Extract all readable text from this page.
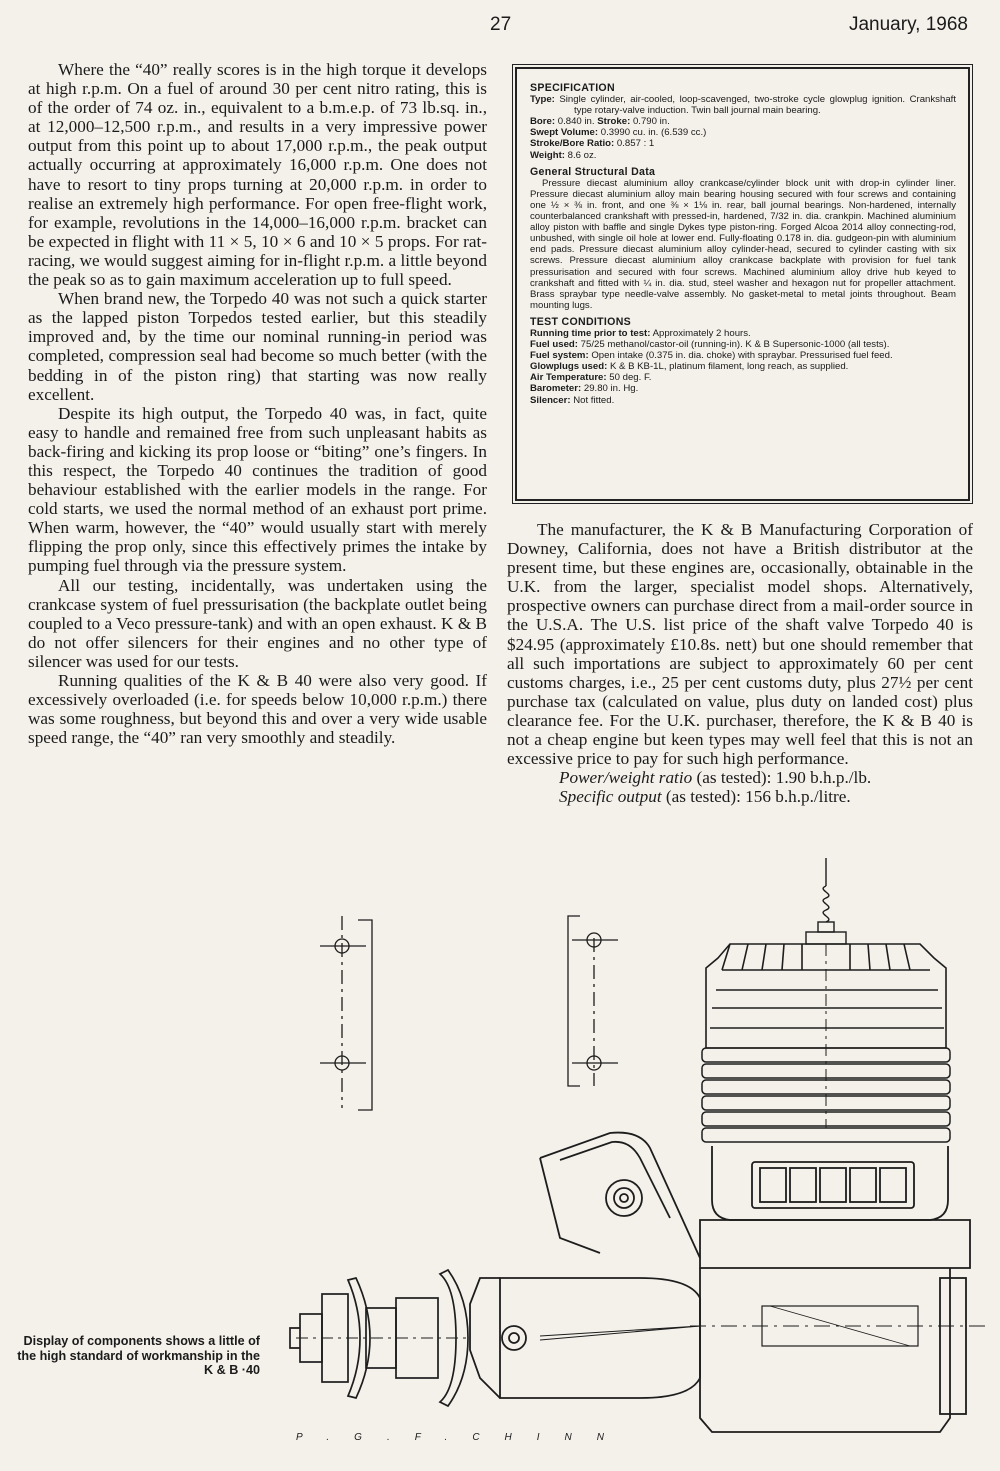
27	January, 1968

Where the “40” really scores is in the high torque it develops at high r.p.m. On a fuel of around 30 per cent nitro rating, this is of the order of 74 oz. in., equivalent to a b.m.e.p. of 73 lb.sq. in., at 12,000–12,500 r.p.m., and results in a very impressive power output from this point up to about 17,000 r.p.m., the peak output actually occurring at approximately 16,000 r.p.m. One does not have to resort to tiny props turning at 20,000 r.p.m. in order to realise an extremely high performance. For open free-flight work, for example, revolutions in the 14,000–16,000 r.p.m. bracket can be expected in flight with 11 × 5, 10 × 6 and 10 × 5 props. For rat-racing, we would suggest aiming for in-flight r.p.m. a little beyond the peak so as to gain maximum acceleration up to full speed.

When brand new, the Torpedo 40 was not such a quick starter as the lapped piston Torpedos tested earlier, but this steadily improved and, by the time our nominal running-in period was completed, compression seal had become so much better (with the bedding in of the piston ring) that starting was now really excellent.

Despite its high output, the Torpedo 40 was, in fact, quite easy to handle and remained free from such unpleasant habits as back-firing and kicking its prop loose or “biting” one’s fingers. In this respect, the Torpedo 40 continues the tradition of good behaviour established with the earlier models in the range. For cold starts, we used the normal method of an exhaust port prime. When warm, however, the “40” would usually start with merely flipping the prop only, since this effectively primes the intake by pumping fuel through via the pressure system.

All our testing, incidentally, was undertaken using the crankcase system of fuel pressurisation (the backplate outlet being coupled to a Veco pressure-tank) and with an open exhaust. K & B do not offer silencers for their engines and no other type of silencer was used for our tests.

Running qualities of the K & B 40 were also very good. If excessively overloaded (i.e. for speeds below 10,000 r.p.m.) there was some roughness, but beyond this and over a very wide usable speed range, the “40” ran very smoothly and steadily.

SPECIFICATION
Type: Single cylinder, air-cooled, loop-scavenged, two-stroke cycle glowplug ignition. Crankshaft type rotary-valve induction. Twin ball journal main bearing.
Bore: 0.840 in. Stroke: 0.790 in.
Swept Volume: 0.3990 cu. in. (6.539 cc.)
Stroke/Bore Ratio: 0.857 : 1
Weight: 8.6 oz.
General Structural Data

Pressure diecast aluminium alloy crankcase/cylinder block unit with drop-in cylinder liner. Pressure diecast aluminium alloy main bearing housing secured with four screws and containing one ½ × ⅜ in. front, and one ⅜ × 1⅛ in. rear, ball journal bearings. Non-hardened, internally counterbalanced crankshaft with pressed-in, hardened, 7/32 in. dia. crankpin. Machined aluminium alloy piston with baffle and single Dykes type piston-ring. Forged Alcoa 2014 alloy connecting-rod, unbushed, with single oil hole at lower end. Fully-floating 0.178 in. dia. gudgeon-pin with aluminium end pads. Pressure diecast aluminium alloy cylinder-head, secured to cylinder casting with six screws. Pressure diecast aluminium alloy crankcase backplate with provision for fuel tank pressurisation and secured with four screws. Machined aluminium alloy drive hub keyed to crankshaft and fitted with ¼ in. dia. stud, steel washer and hexagon nut for propeller attachment. Brass spraybar type needle-valve assembly. No gasket-metal to metal joints throughout. Beam mounting lugs.

TEST CONDITIONS
Running time prior to test: Approximately 2 hours.
Fuel used: 75/25 methanol/castor-oil (running-in). K & B Supersonic-1000 (all tests).
Fuel system: Open intake (0.375 in. dia. choke) with spraybar. Pressurised fuel feed.
Glowplugs used: K & B KB-1L, platinum filament, long reach, as supplied.
Air Temperature: 50 deg. F.
Barometer: 29.80 in. Hg.
Silencer: Not fitted.

The manufacturer, the K & B Manufacturing Corporation of Downey, California, does not have a British distributor at the present time, but these engines are, occasionally, obtainable in the U.K. from the larger, specialist model shops. Alternatively, prospective owners can purchase direct from a mail-order source in the U.S.A. The U.S. list price of the shaft valve Torpedo 40 is $24.95 (approximately £10.8s. nett) but one should remember that all such importations are subject to approximately 60 per cent customs charges, i.e., 25 per cent customs duty, plus 27½ per cent purchase tax (calculated on value, plus duty on landed cost) plus clearance fee. For the U.K. purchaser, therefore, the K & B 40 is not a cheap engine but keen types may well feel that this is not an excessive price to pay for such high performance.

Power/weight ratio (as tested): 1.90 b.h.p./lb.

Specific output (as tested): 156 b.h.p./litre.

Display of components shows a little of the high standard of workmanship in the K & B ·40
P.G.F.CHINN
